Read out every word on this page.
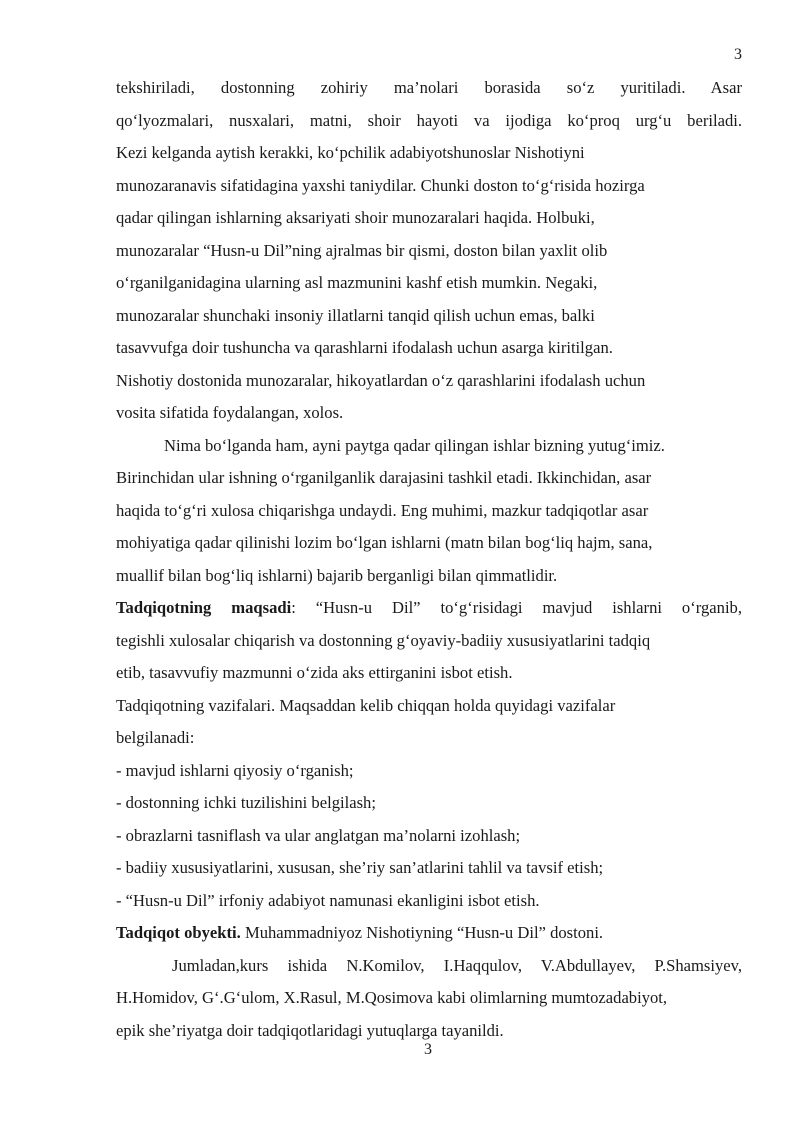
3

tekshiriladi, dostonning zohiriy ma’nolari borasida so‘z yuritiladi. Asar

qo‘lyozmalari, nusxalari, matni, shoir hayoti va ijodiga ko‘proq urg‘u beriladi.

Kezi kelganda aytish kerakki, ko‘pchilik adabiyotshunoslar Nishotiyni

munozaranavis sifatidagina yaxshi taniydilar. Chunki doston to‘g‘risida hozirga

qadar qilingan ishlarning aksariyati shoir munozaralari haqida. Holbuki,

munozaralar “Husn-u Dil”ning ajralmas bir qismi, doston bilan yaxlit olib

o‘rganilganidagina ularning asl mazmunini kashf etish mumkin. Negaki,

munozaralar shunchaki insoniy illatlarni tanqid qilish uchun emas, balki

tasavvufga doir tushuncha va qarashlarni ifodalash uchun asarga kiritilgan.

Nishotiy dostonida munozaralar, hikoyatlardan o‘z qarashlarini ifodalash uchun

vosita sifatida foydalangan, xolos.

Nima bo‘lganda ham, ayni paytga qadar qilingan ishlar bizning yutug‘imiz.

Birinchidan ular ishning o‘rganilganlik darajasini tashkil etadi. Ikkinchidan, asar

haqida to‘g‘ri xulosa chiqarishga undaydi. Eng muhimi, mazkur tadqiqotlar asar

mohiyatiga qadar qilinishi lozim bo‘lgan ishlarni (matn bilan bog‘liq hajm, sana,

muallif bilan bog‘liq ishlarni) bajarib berganligi bilan qimmatlidir.

Tadqiqotning maqsadi: “Husn-u Dil” to‘g‘risidagi mavjud ishlarni o‘rganib,

tegishli xulosalar chiqarish va dostonning g‘oyaviy-badiiy xususiyatlarini tadqiq

etib, tasavvufiy mazmunni o‘zida aks ettirganini isbot etish.

Tadqiqotning vazifalari. Maqsaddan kelib chiqqan holda quyidagi vazifalar

belgilanadi:

- mavjud ishlarni qiyosiy o‘rganish;

- dostonning ichki tuzilishini belgilash;

- obrazlarni tasniflash va ular anglatgan ma’nolarni izohlash;

- badiiy xususiyatlarini, xususan, she’riy san’atlarini tahlil va tavsif etish;

- “Husn-u Dil” irfoniy adabiyot namunasi ekanligini isbot etish.

Tadqiqot obyekti. Muhammadniyoz Nishotiyning “Husn-u Dil” dostoni.

Jumladan,kurs ishida N.Komilov, I.Haqqulov, V.Abdullayev, P.Shamsiyev,

H.Homidov, G‘.G‘ulom, X.Rasul, M.Qosimova kabi olimlarning mumtozadabiyot,

epik she’riyatga doir tadqiqotlaridagi yutuqlarga tayanildi.

3
